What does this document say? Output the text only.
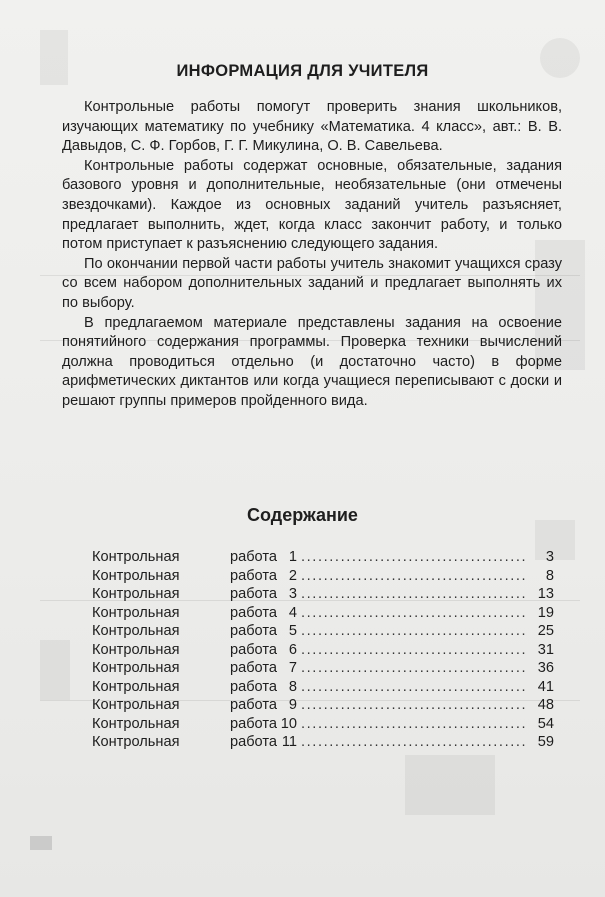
ИНФОРМАЦИЯ ДЛЯ УЧИТЕЛЯ

Контрольные работы помогут проверить знания школьников, изучающих математику по учебнику «Математика. 4 класс», авт.: В. В. Давыдов, С. Ф. Горбов, Г. Г. Микулина, О. В. Савельева.

Контрольные работы содержат основные, обязательные, задания базового уровня и дополнительные, необязательные (они отмечены звездочками). Каждое из основных заданий учитель разъясняет, предлагает выполнить, ждет, когда класс закончит работу, и только потом приступает к разъяснению следующего задания.

По окончании первой части работы учитель знакомит учащихся сразу со всем набором дополнительных заданий и предлагает выполнять их по выбору.

В предлагаемом материале представлены задания на освоение понятийного содержания программы. Проверка техники вычислений должна проводиться отдельно (и достаточно часто) в форме арифметических диктантов или когда учащиеся переписывают с доски и решают группы примеров пройденного вида.

Содержание
Контрольная	работа 1 .....	3
Контрольная	работа 2 .....	8
Контрольная	работа 3 .....	13
Контрольная	работа 4 .....	19
Контрольная	работа 5 .....	25
Контрольная	работа 6 .....	31
Контрольная	работа 7 .....	36
Контрольная	работа 8 .....	41
Контрольная	работа 9 .....	48
Контрольная	работа 10 .....	54
Контрольная	работа 11 .....	59
